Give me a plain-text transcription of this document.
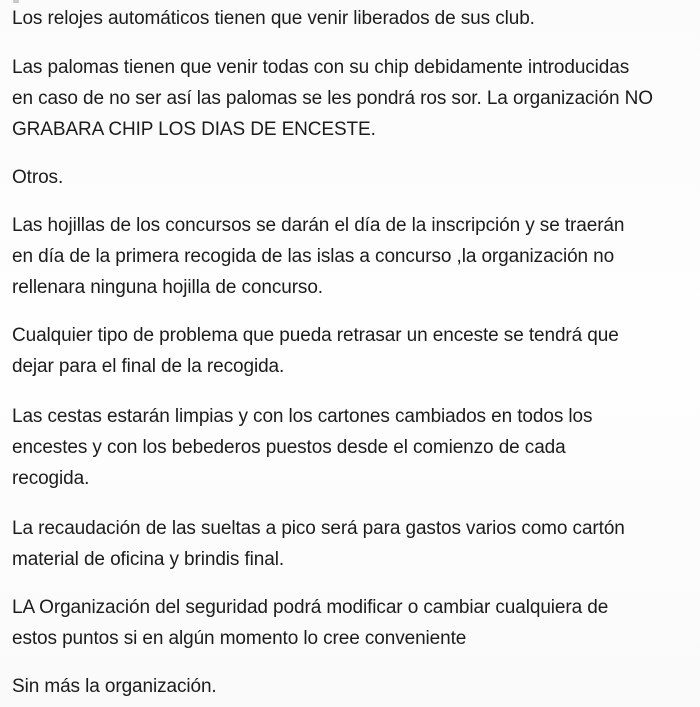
Los relojes automáticos tienen que venir liberados de sus club.

Las palomas tienen que venir todas con su chip debidamente introducidas
en caso de no ser así las palomas se les pondrá ros sor. La organización NO
GRABARA CHIP LOS DIAS DE ENCESTE.

Otros.

Las hojillas de los concursos se darán el día de la inscripción y se traerán
en día de la primera recogida de las islas a concurso ,la organización no
rellenara ninguna hojilla de concurso.

Cualquier tipo de problema que pueda retrasar un enceste se tendrá que
dejar para el final de la recogida.

Las cestas estarán limpias y con los cartones cambiados en todos los
encestes y con los bebederos puestos desde el comienzo de cada
recogida.

La recaudación de las sueltas a pico será para gastos varios como cartón
material de oficina y brindis final.

LA Organización del seguridad podrá modificar o cambiar cualquiera de
estos puntos si en algún momento lo cree conveniente

Sin más la organización.
